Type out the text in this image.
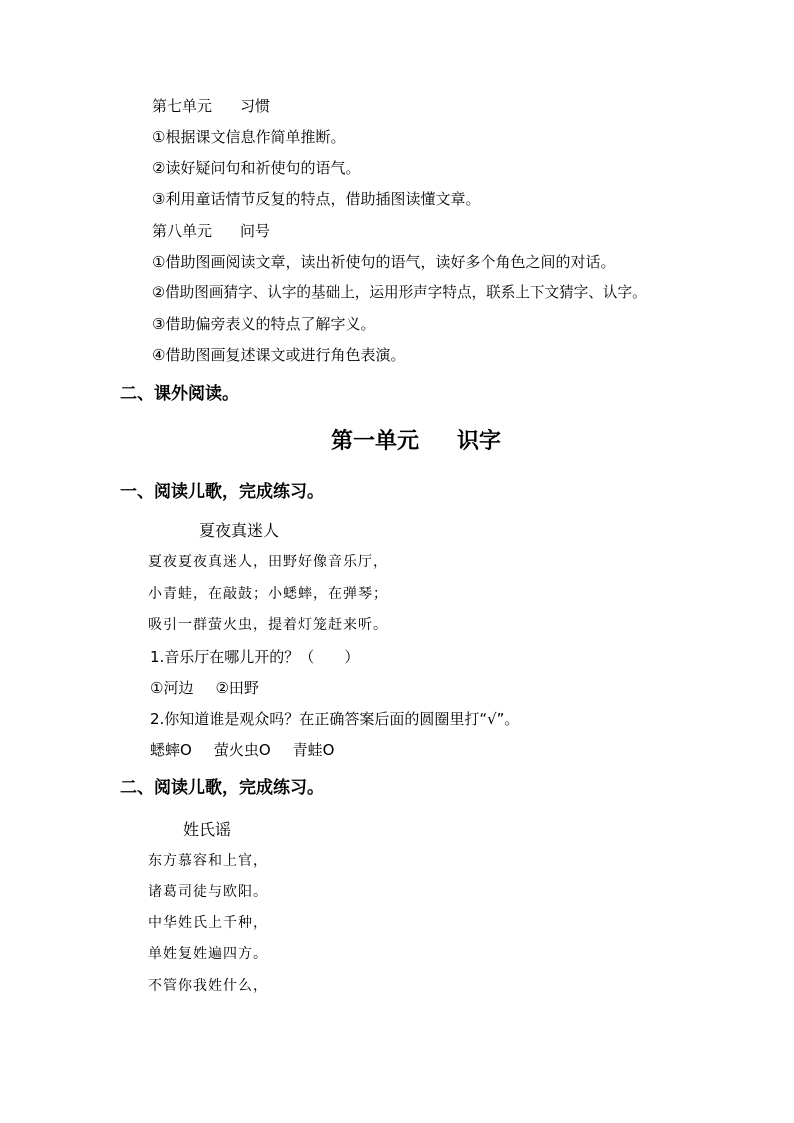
第七单元 习惯
①根据课文信息作简单推断。
②读好疑问句和祈使句的语气。
③利用童话情节反复的特点，借助插图读懂文章。
第八单元 问号
①借助图画阅读文章，读出祈使句的语气，读好多个角色之间的对话。
②借助图画猜字、认字的基础上，运用形声字特点，联系上下文猜字、认字。
③借助偏旁表义的特点了解字义。
④借助图画复述课文或进行角色表演。
二、课外阅读。
第一单元 识字
一、阅读儿歌，完成练习。
夏夜真迷人
夏夜夏夜真迷人，田野好像音乐厅，
小青蛙，在敲鼓；小蟋蟀，在弹琴；
吸引一群萤火虫，提着灯笼赶来听。
1.音乐厅在哪儿开的？（　　）
①河边 ②田野
2.你知道谁是观众吗？在正确答案后面的圆圈里打“√”。
蟋蟀O 萤火虫O 青蛙O
二、阅读儿歌，完成练习。
姓氏谣
东方慕容和上官，
诸葛司徒与欧阳。
中华姓氏上千种，
单姓复姓遍四方。
不管你我姓什么，
